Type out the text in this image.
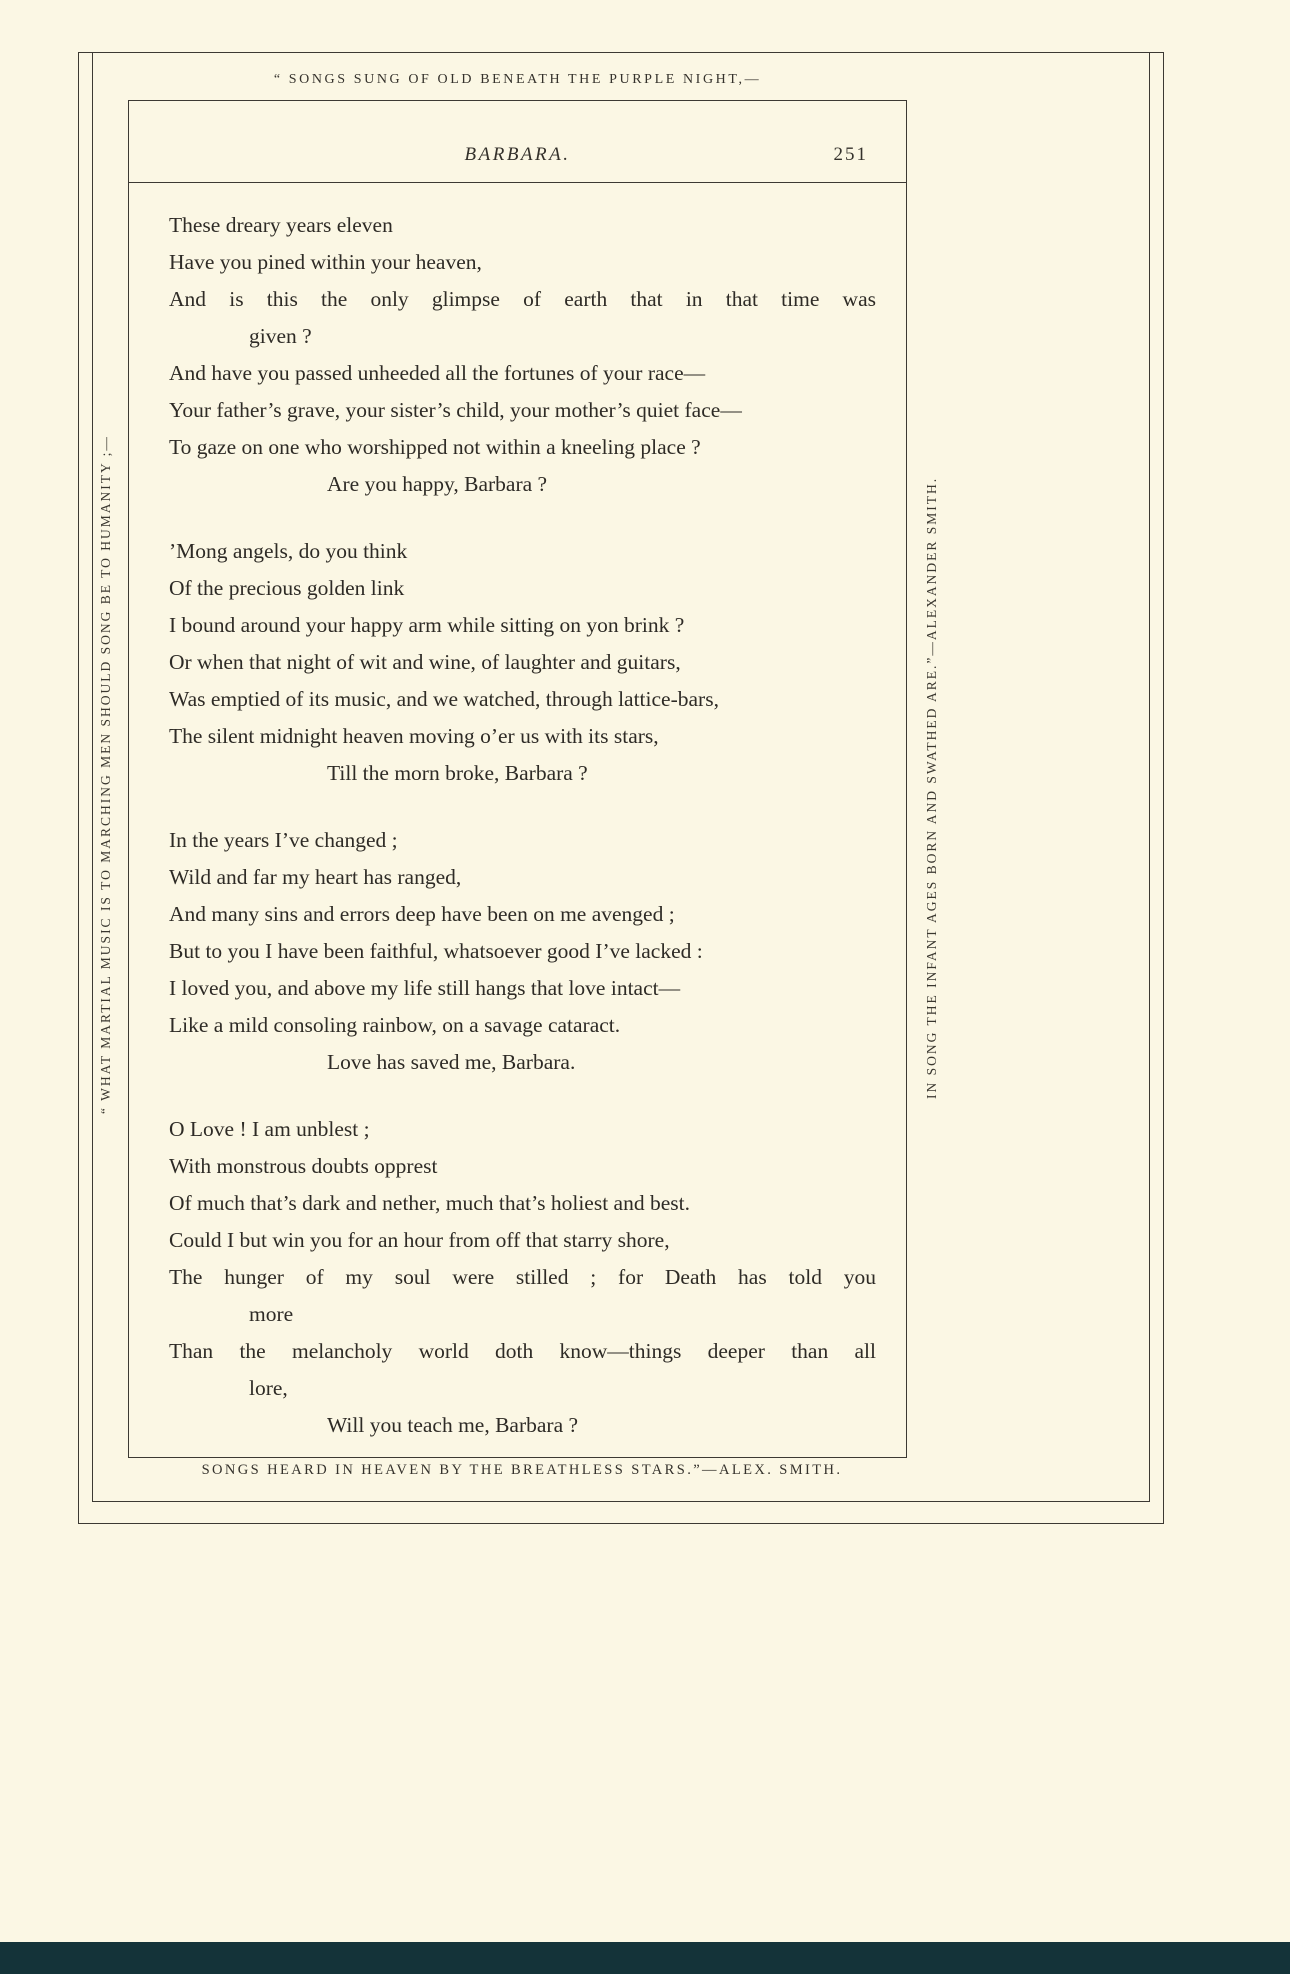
“ SONGS SUNG OF OLD BENEATH THE PURPLE NIGHT,—
“ WHAT MARTIAL MUSIC IS TO MARCHING MEN SHOULD SONG BE TO HUMANITY ;—	IN SONG THE INFANT AGES BORN AND SWATHED ARE.”—ALEXANDER SMITH.
BARBARA.	251
These dreary years eleven
Have you pined within your heaven,
And is this the only glimpse of earth that in that time was
given ?
And have you passed unheeded all the fortunes of your race—
Your father’s grave, your sister’s child, your mother’s quiet face—
To gaze on one who worshipped not within a kneeling place ?
Are you happy, Barbara ?
’Mong angels, do you think
Of the precious golden link
I bound around your happy arm while sitting on yon brink ?
Or when that night of wit and wine, of laughter and guitars,
Was emptied of its music, and we watched, through lattice-bars,
The silent midnight heaven moving o’er us with its stars,
Till the morn broke, Barbara ?
In the years I’ve changed ;
Wild and far my heart has ranged,
And many sins and errors deep have been on me avenged ;
But to you I have been faithful, whatsoever good I’ve lacked :
I loved you, and above my life still hangs that love intact—
Like a mild consoling rainbow, on a savage cataract.
Love has saved me, Barbara.
O Love ! I am unblest ;
With monstrous doubts opprest
Of much that’s dark and nether, much that’s holiest and best.
Could I but win you for an hour from off that starry shore,
The hunger of my soul were stilled ; for Death has told you
more
Than the melancholy world doth know—things deeper than all
lore,
Will you teach me, Barbara ?
SONGS HEARD IN HEAVEN BY THE BREATHLESS STARS.”—ALEX. SMITH.
